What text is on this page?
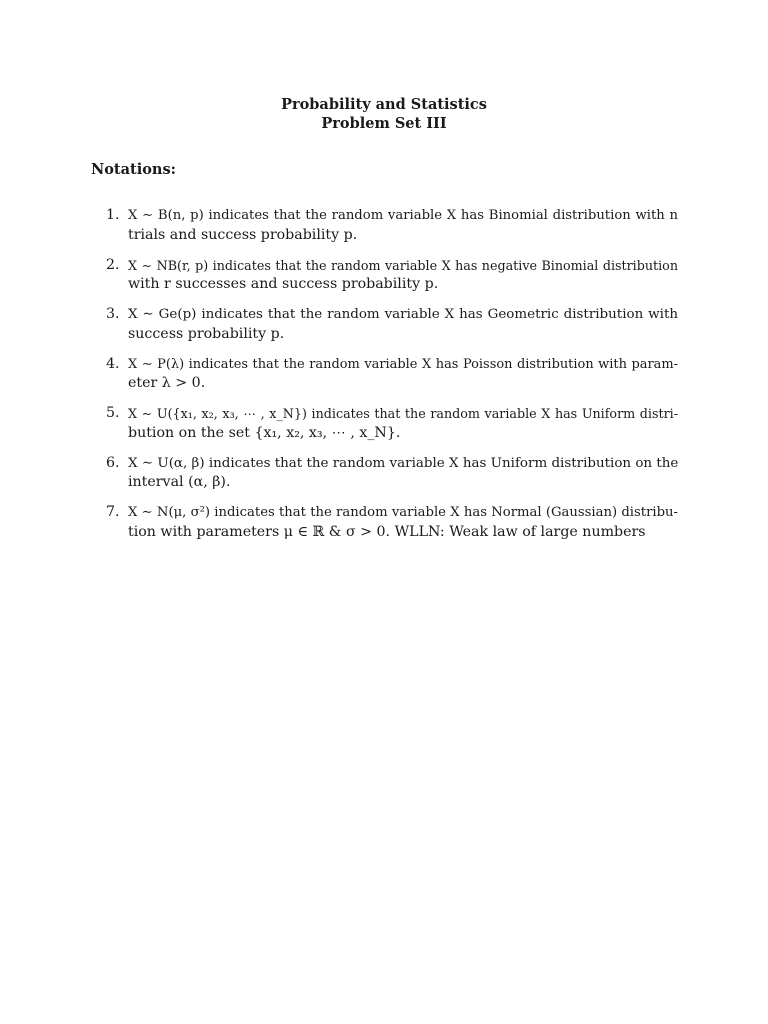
Probability and Statistics
Problem Set III
Notations:
1. X ∼ B(n, p) indicates that the random variable X has Binomial distribution with n
trials and success probability p.
2. X ∼ NB(r, p) indicates that the random variable X has negative Binomial distribution
with r successes and success probability p.
3. X ∼ Ge(p) indicates that the random variable X has Geometric distribution with
success probability p.
4. X ∼ P(λ) indicates that the random variable X has Poisson distribution with param-
eter λ > 0.
5. X ∼ U({x₁, x₂, x₃, ⋯ , x_N}) indicates that the random variable X has Uniform distri-
bution on the set {x₁, x₂, x₃, ⋯ , x_N}.
6. X ∼ U(α, β) indicates that the random variable X has Uniform distribution on the
interval (α, β).
7. X ∼ N(μ, σ²) indicates that the random variable X has Normal (Gaussian) distribu-
tion with parameters μ ∈ ℝ & σ > 0. WLLN: Weak law of large numbers
